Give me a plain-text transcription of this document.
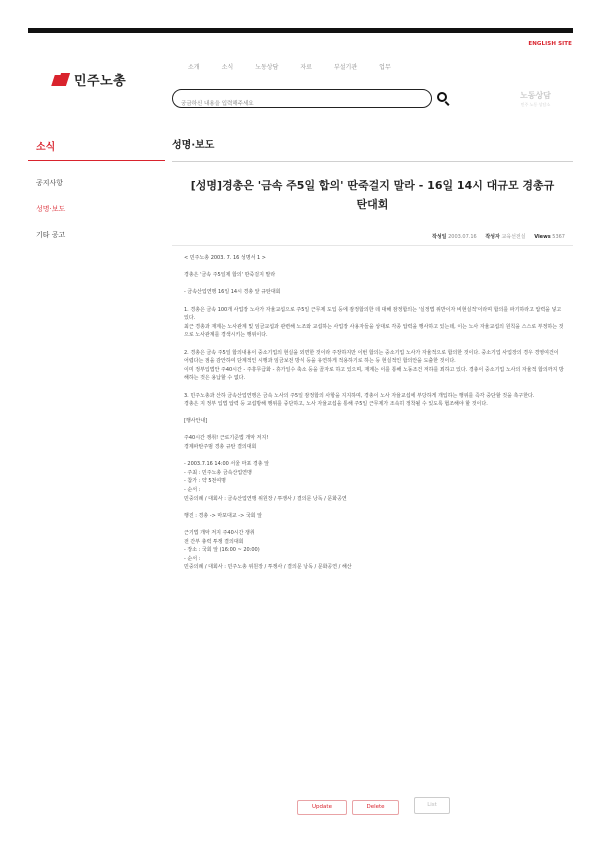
ENGLISH SITE
민주노총
소개	소식	노동상담	자료	부설기관	업무
궁금하신 내용을 입력해주세요
노동상담
민주 노동 상담소
소식
공지사항
성명·보도
기타 공고
성명·보도
[성명]경총은 '금속 주5일 합의' 딴죽걸지 말라 - 16일 14시 대규모 경총규탄대회
작성일 2003.07.16 작성자 교육선전실 Views 5367

< 민주노총 2003. 7. 16 성명서 1 >

경총은 '금속 주5일제 합의' 딴죽걸지 말라

- 금속산업연맹 16일 14시 경총 앞 규탄대회

1. 경총은 금속 100개 사업장 노사가 자율교섭으로 주5일 근무제 도입 등에 잠정합의한 데 대해 잠정합의는 '실정법 위반이자 비현실적'이라며 합의를 파기하라고 압력을 넣고 있다.

최근 경총과 재계는 노사관계 및 임금교섭과 관련해 노조와 교섭하는 사업장 사용자들을 상대로 각종 압력을 행사하고 있는데, 이는 노사 자율교섭의 원칙을 스스로 부정하는 것으로 노사관계를 경색시키는 행위이다.

2. 경총은 금속 주5일 합의내용이 중소기업의 현실을 외면한 것이라 주장하지만 이번 합의는 중소기업 노사가 자율적으로 합의한 것이다. 중소기업 사업장의 경우 경영여건이 어렵다는 점을 감안하여 단계적인 시행과 임금보전 방식 등을 유연하게 적용하기로 하는 등 현실적인 합의안을 도출한 것이다.

이미 정부입법안 주40시간 - 주휴무급화 - 휴가일수 축소 등을 골자로 하고 있으며, 재계는 이를 통해 노동조건 저하를 꾀하고 있다. 경총이 중소기업 노사의 자율적 합의까지 방해하는 것은 용납할 수 없다.

3. 민주노총과 산하 금속산업연맹은 금속 노사의 주5일 잠정합의 사항을 지지하며, 경총이 노사 자율교섭에 부당하게 개입하는 행위를 즉각 중단할 것을 촉구한다.

경총은 지 정부 입법 압력 등 교섭방해 행위를 중단하고, 노사 자율교섭을 통해 주5일 근무제가 조속히 정착될 수 있도록 협조해야 할 것이다.

[행사안내]

주40시간 쟁취! 근로기준법 개악 저지!

경제파탄주범 경총 규탄 결의대회

- 2003.7.16 14:00 서울 마포 경총 앞

- 주최 : 민주노총 금속산업연맹

- 참가 : 약 5천여명

- 순서 :

민중의례 / 대회사 : 금속산업연맹 위원장 / 투쟁사 / 결의문 낭독 / 문화공연

행진 : 경총 -> 마포대교 -> 국회 앞

근기법 개악 저지 주40시간 쟁취

전 간부 총력 투쟁 결의대회

- 장소 : 국회 앞 (16:00 ~ 20:00)

- 순서 :

민중의례 / 대회사 : 민주노총 위원장 / 투쟁사 / 결의문 낭독 / 문화공연 / 해산

Update	Delete	List
